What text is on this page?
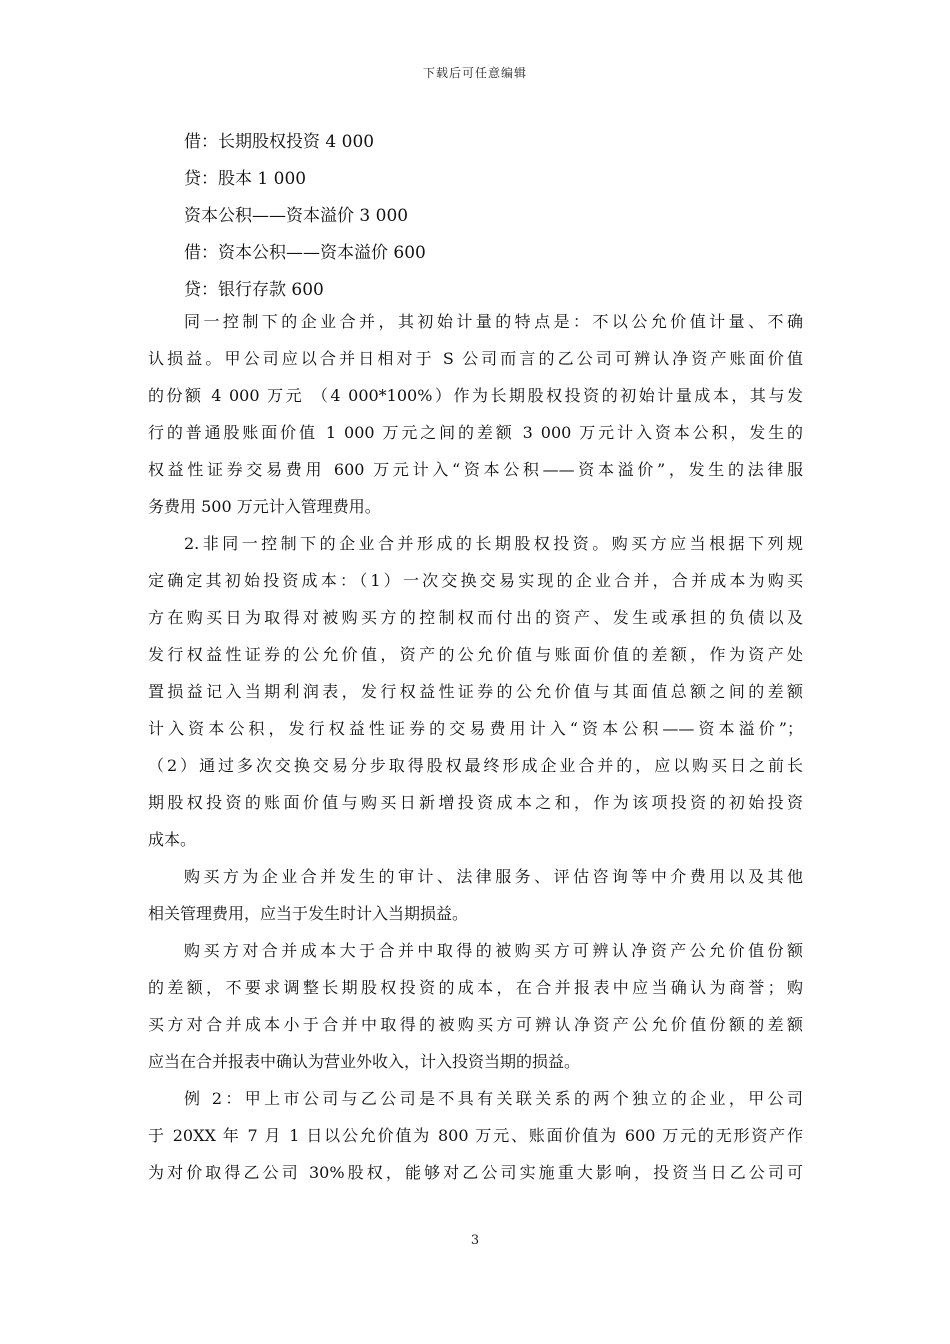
下载后可任意编辑

借：长期股权投资 4 000

贷：股本 1 000

资本公积——资本溢价 3 000

借：资本公积——资本溢价 600

贷：银行存款 600

同一控制下的企业合并，其初始计量的特点是：不以公允价值计量、不确
认损益。甲公司应以合并日相对于 S 公司而言的乙公司可辨认净资产账面价值
的份额 4 000 万元 （4 000*100%）作为长期股权投资的初始计量成本，其与发
行的普通股账面价值 1 000 万元之间的差额 3 000 万元计入资本公积，发生的
权益性证券交易费用 600 万元计入“资本公积——资本溢价”，发生的法律服
务费用 500 万元计入管理费用。
2.非同一控制下的企业合并形成的长期股权投资。购买方应当根据下列规
定确定其初始投资成本：（1）一次交换交易实现的企业合并，合并成本为购买
方在购买日为取得对被购买方的控制权而付出的资产、发生或承担的负债以及
发行权益性证券的公允价值，资产的公允价值与账面价值的差额，作为资产处
置损益记入当期利润表，发行权益性证券的公允价值与其面值总额之间的差额
计入资本公积，发行权益性证券的交易费用计入“资本公积——资本溢价”；
（2）通过多次交换交易分步取得股权最终形成企业合并的，应以购买日之前长
期股权投资的账面价值与购买日新增投资成本之和，作为该项投资的初始投资
成本。
购买方为企业合并发生的审计、法律服务、评估咨询等中介费用以及其他
相关管理费用，应当于发生时计入当期损益。
购买方对合并成本大于合并中取得的被购买方可辨认净资产公允价值份额
的差额，不要求调整长期股权投资的成本，在合并报表中应当确认为商誉；购
买方对合并成本小于合并中取得的被购买方可辨认净资产公允价值份额的差额
应当在合并报表中确认为营业外收入，计入投资当期的损益。
例 2：甲上市公司与乙公司是不具有关联关系的两个独立的企业，甲公司
于 20XX 年 7 月 1 日以公允价值为 800 万元、账面价值为 600 万元的无形资产作
为对价取得乙公司 30%股权，能够对乙公司实施重大影响，投资当日乙公司可
3
